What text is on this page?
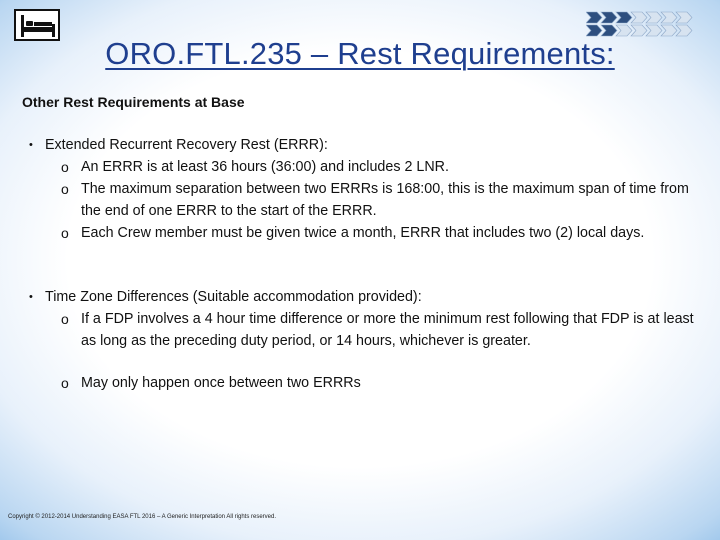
ORO.FTL.235 – Rest Requirements:
Other Rest Requirements at Base
• Extended Recurrent Recovery Rest (ERRR):
o An ERRR is at least 36 hours (36:00) and includes 2 LNR.
o The maximum separation between two ERRRs is 168:00, this is the maximum span of time from the end of one ERRR to the start of the ERRR.
o Each Crew member must be given twice a month, ERRR that includes two (2) local days.
• Time Zone Differences (Suitable accommodation provided):
o If a FDP involves a 4 hour time difference or more the minimum rest following that FDP is at least as long as the preceding duty period, or 14 hours, whichever is greater.
o May only happen once between two ERRRs
Copyright © 2012-2014 Understanding EASA FTL 2016 – A Generic Interpretation All rights reserved.
